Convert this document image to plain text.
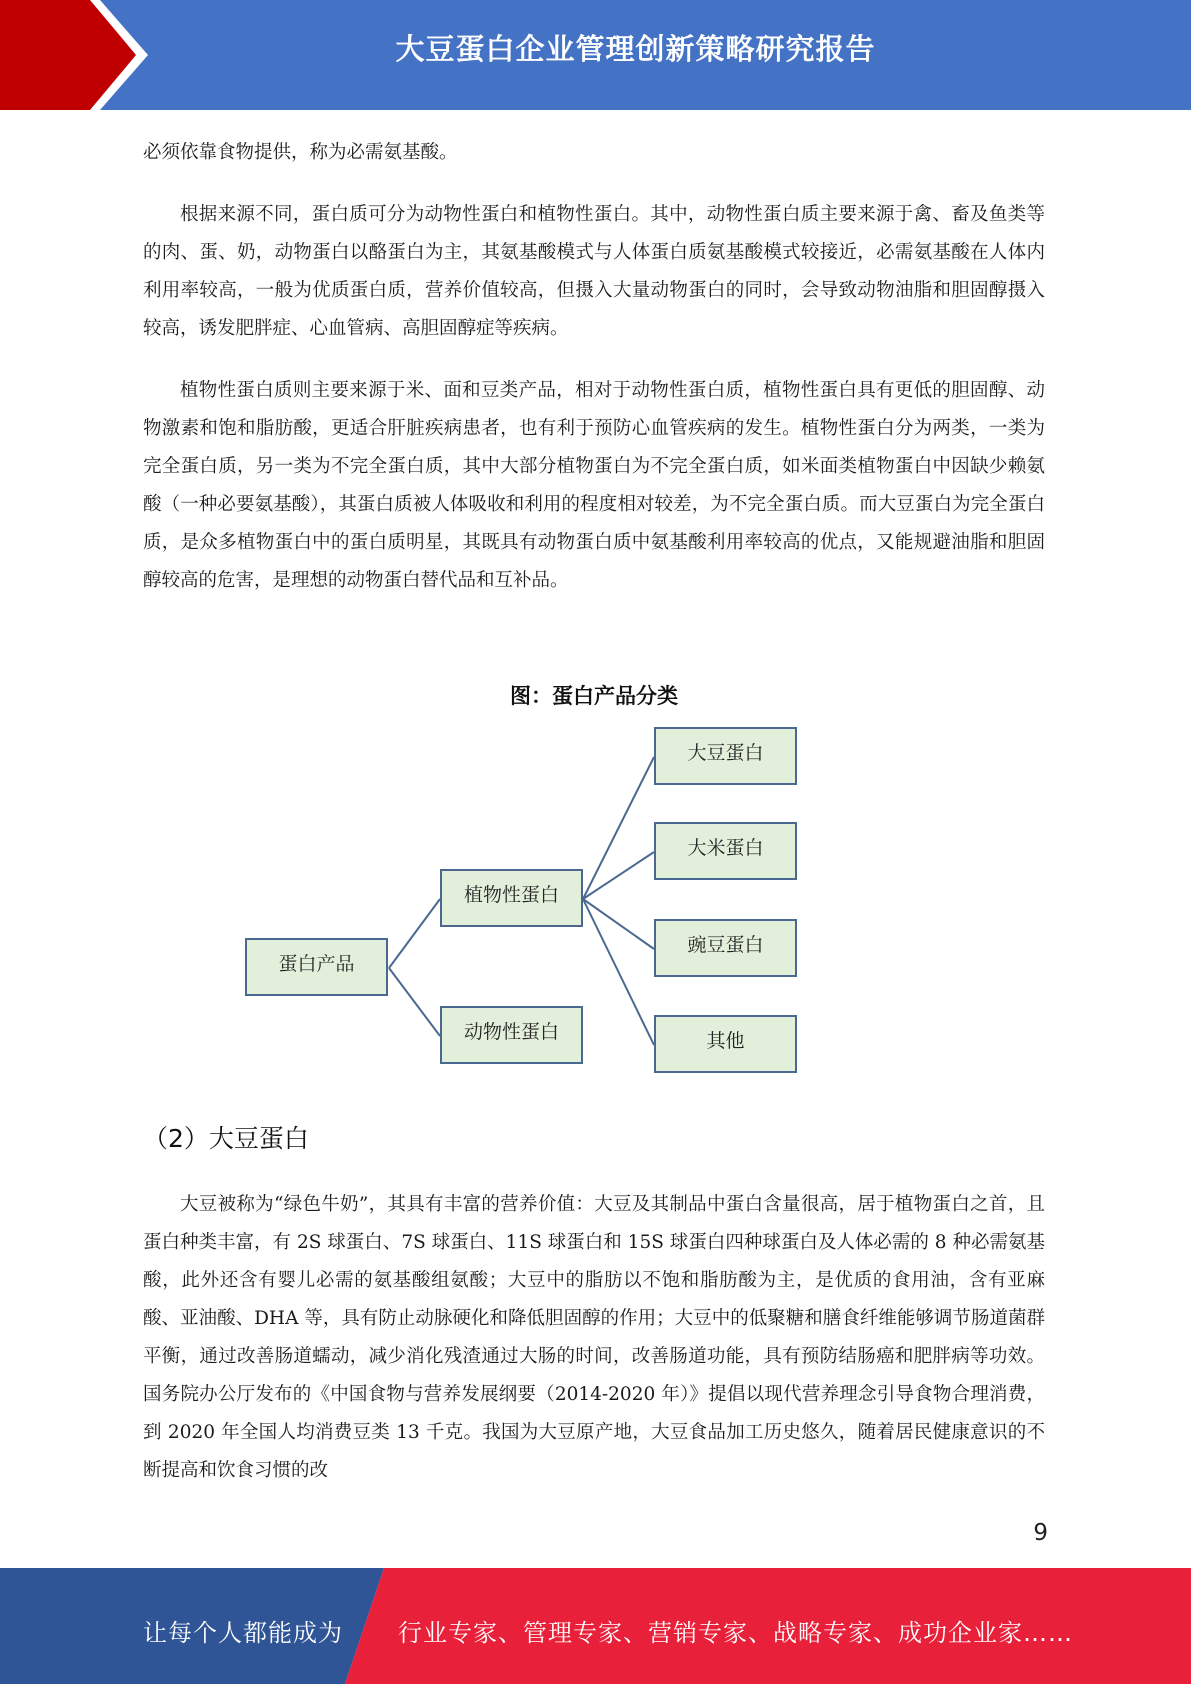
大豆蛋白企业管理创新策略研究报告

必须依靠食物提供，称为必需氨基酸。

根据来源不同，蛋白质可分为动物性蛋白和植物性蛋白。其中，动物性蛋白质主要来源于禽、畜及鱼类等的肉、蛋、奶，动物蛋白以酪蛋白为主，其氨基酸模式与人体蛋白质氨基酸模式较接近，必需氨基酸在人体内利用率较高，一般为优质蛋白质，营养价值较高，但摄入大量动物蛋白的同时，会导致动物油脂和胆固醇摄入较高，诱发肥胖症、心血管病、高胆固醇症等疾病。

植物性蛋白质则主要来源于米、面和豆类产品，相对于动物性蛋白质，植物性蛋白具有更低的胆固醇、动物激素和饱和脂肪酸，更适合肝脏疾病患者，也有利于预防心血管疾病的发生。植物性蛋白分为两类，一类为完全蛋白质，另一类为不完全蛋白质，其中大部分植物蛋白为不完全蛋白质，如米面类植物蛋白中因缺少赖氨酸（一种必要氨基酸），其蛋白质被人体吸收和利用的程度相对较差，为不完全蛋白质。而大豆蛋白为完全蛋白质，是众多植物蛋白中的蛋白质明星，其既具有动物蛋白质中氨基酸利用率较高的优点，又能规避油脂和胆固醇较高的危害，是理想的动物蛋白替代品和互补品。

图：蛋白产品分类
蛋白产品
植物性蛋白
动物性蛋白
大豆蛋白
大米蛋白
豌豆蛋白
其他
（2）大豆蛋白

大豆被称为“绿色牛奶”，其具有丰富的营养价值：大豆及其制品中蛋白含量很高，居于植物蛋白之首，且蛋白种类丰富，有 2S 球蛋白、7S 球蛋白、11S 球蛋白和 15S 球蛋白四种球蛋白及人体必需的 8 种必需氨基酸，此外还含有婴儿必需的氨基酸组氨酸；大豆中的脂肪以不饱和脂肪酸为主，是优质的食用油，含有亚麻酸、亚油酸、DHA 等，具有防止动脉硬化和降低胆固醇的作用；大豆中的低聚糖和膳食纤维能够调节肠道菌群平衡，通过改善肠道蠕动，减少消化残渣通过大肠的时间，改善肠道功能，具有预防结肠癌和肥胖病等功效。国务院办公厅发布的《中国食物与营养发展纲要（2014-2020 年）》提倡以现代营养理念引导食物合理消费，到 2020 年全国人均消费豆类 13 千克。我国为大豆原产地，大豆食品加工历史悠久，随着居民健康意识的不断提高和饮食习惯的改

9
让每个人都能成为 行业专家、管理专家、营销专家、战略专家、成功企业家……
